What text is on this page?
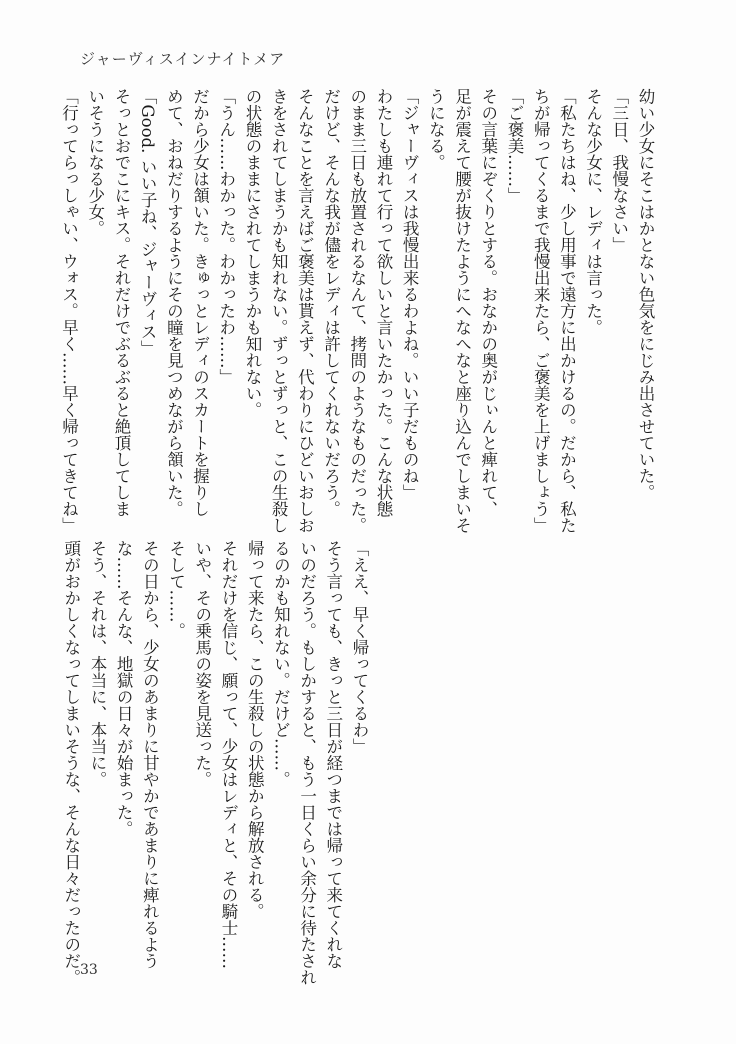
ジャーヴィスインナイトメア
幼い少女にそこはかとない色気をにじみ出させていた。
「三日、我慢なさい」
そんな少女に、レディは言った。
「私たちはね、少し用事で遠方に出かけるの。だから、私た
ちが帰ってくるまで我慢出来たら、ご褒美を上げましょう」
「ご褒美……」
その言葉にぞくりとする。おなかの奥がじぃんと痺れて、
足が震えて腰が抜けたようにへなへなと座り込んでしまいそ
うになる。
「ジャーヴィスは我慢出来るわよね。いい子だものね」
わたしも連れて行って欲しいと言いたかった。こんな状態
のまま三日も放置されるなんて、拷問のようなものだった。
だけど、そんな我が儘をレディは許してくれないだろう。
そんなことを言えばご褒美は貰えず、代わりにひどいおしお
きをされてしまうかも知れない。ずっとずっと、この生殺し
の状態のままにされてしまうかも知れない。
「うん……わかった。わかったわ……」
だから少女は頷いた。きゅっとレディのスカートを握りし
めて、おねだりするようにその瞳を見つめながら頷いた。
「Good. いい子ね、ジャーヴィス」
そっとおでこにキス。それだけでぶるぶると絶頂してしま
いそうになる少女。
「行ってらっしゃい、ウォス。早く……早く帰ってきてね」
「ええ、早く帰ってくるわ」
そう言っても、きっと三日が経つまでは帰って来てくれな
いのだろう。もしかすると、もう一日くらい余分に待たされ
るのかも知れない。だけど……。
帰って来たら、この生殺しの状態から解放される。
それだけを信じ、願って、少女はレディと、その騎士……
いや、その乗馬の姿を見送った。
そして……。
その日から、少女のあまりに甘やかであまりに痺れるよう
な……そんな、地獄の日々が始まった。
そう、それは、本当に、本当に。
頭がおかしくなってしまいそうな、そんな日々だったのだ。 33
